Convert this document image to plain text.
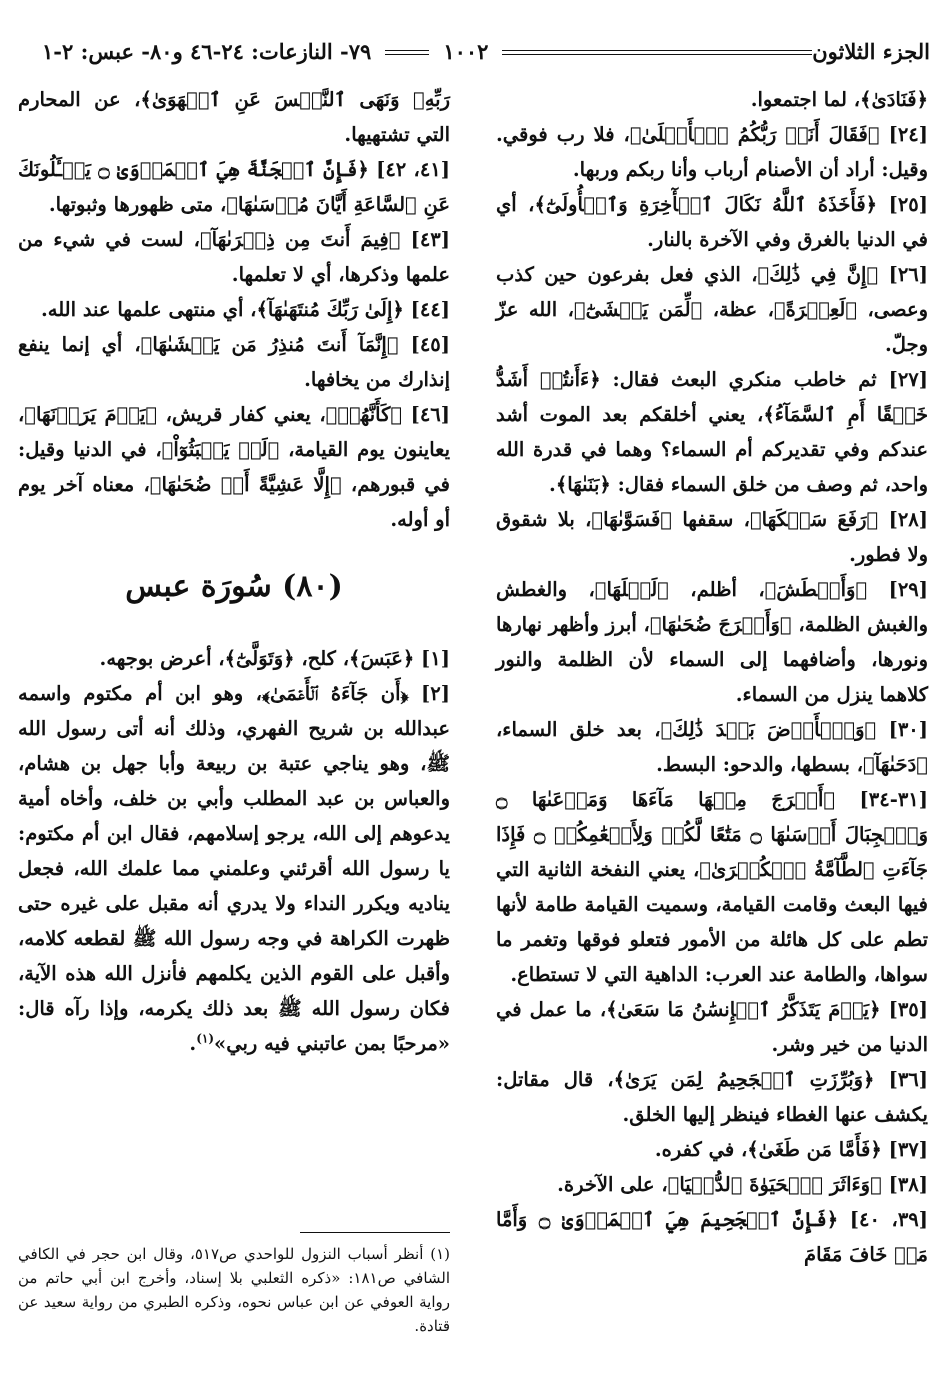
الجزء الثلاثون
١٠٠٢
٧٩- النازعات: ٢٤-٤٦ و٨٠- عبس: ٢-١

﴿فَنَادَىٰ﴾، لما اجتمعوا.

[٢٤] ﴿فَقَالَ أَنَا۠ رَبُّكُمُ ٱلۡأَعۡلَىٰ﴾، فلا رب فوقي. وقيل: أراد أن الأصنام أرباب وأنا ربكم وربها.

[٢٥] ﴿فَأَخَذَهُ ٱللَّهُ نَكَالَ ٱلۡأٓخِرَةِ وَٱلۡأُولَىٰٓ﴾، أي في الدنيا بالغرق وفي الآخرة بالنار.

[٢٦] ﴿إِنَّ فِي ذَٰلِكَ﴾، الذي فعل بفرعون حين كذب وعصى، ﴿لَعِبۡرَةً﴾، عظة، ﴿لِّمَن يَخۡشَىٰٓ﴾، الله عزّ وجلّ.

[٢٧] ثم خاطب منكري البعث فقال: ﴿ءَأَنتُمۡ أَشَدُّ خَلۡقًا أَمِ ٱلسَّمَآءُ﴾، يعني أخلقكم بعد الموت أشد عندكم وفي تقديركم أم السماء؟ وهما في قدرة الله واحد، ثم وصف من خلق السماء فقال: ﴿بَنَىٰهَا﴾.

[٢٨] ﴿رَفَعَ سَمۡكَهَا﴾، سقفها ﴿فَسَوَّىٰهَا﴾، بلا شقوق ولا فطور.

[٢٩] ﴿وَأَغۡطَشَ﴾، أظلم، ﴿لَيۡلَهَا﴾، والغطش والغبش الظلمة، ﴿وَأَخۡرَجَ ضُحَىٰهَا﴾، أبرز وأظهر نهارها ونورها، وأضافهما إلى السماء لأن الظلمة والنور كلاهما ينزل من السماء.

[٣٠] ﴿وَٱلۡأَرۡضَ بَعۡدَ ذَٰلِكَ﴾، بعد خلق السماء، ﴿دَحَىٰهَآ﴾، بسطها، والدحو: البسط.

[٣١-٣٤] ﴿أَخۡرَجَ مِنۡهَا مَآءَهَا وَمَرۡعَىٰهَا ۝ وَٱلۡجِبَالَ أَرۡسَىٰهَا ۝ مَتَٰعًا لَّكُمۡ وَلِأَنۡعَٰمِكُمۡ ۝ فَإِذَا جَآءَتِ ٱلطَّآمَّةُ ٱلۡكُبۡرَىٰ﴾، يعني النفخة الثانية التي فيها البعث وقامت القيامة، وسميت القيامة طامة لأنها تطم على كل هائلة من الأمور فتعلو فوقها وتغمر ما سواها، والطامة عند العرب: الداهية التي لا تستطاع.

[٣٥] ﴿يَوۡمَ يَتَذَكَّرُ ٱلۡإِنسَٰنُ مَا سَعَىٰ﴾، ما عمل في الدنيا من خير وشر.

[٣٦] ﴿وَبُرِّزَتِ ٱلۡجَحِيمُ لِمَن يَرَىٰ﴾، قال مقاتل: يكشف عنها الغطاء فينظر إليها الخلق.

[٣٧] ﴿فَأَمَّا مَن طَغَىٰ﴾، في كفره.

[٣٨] ﴿وَءَاثَرَ ٱلۡحَيَوٰةَ ٱلدُّنۡيَا﴾، على الآخرة.

[٣٩، ٤٠] ﴿فَإِنَّ ٱلۡجَحِيمَ هِيَ ٱلۡمَأۡوَىٰ ۝ وَأَمَّا مَنۡ خَافَ مَقَامَ

رَبِّهِۦ وَنَهَى ٱلنَّفۡسَ عَنِ ٱلۡهَوَىٰ﴾، عن المحارم التي تشتهيها.

[٤١، ٤٢] ﴿فَإِنَّ ٱلۡجَنَّةَ هِيَ ٱلۡمَأۡوَىٰ ۝ يَسۡـَٔلُونَكَ عَنِ ٱلسَّاعَةِ أَيَّانَ مُرۡسَىٰهَا﴾، متى ظهورها وثبوتها.

[٤٣] ﴿فِيمَ أَنتَ مِن ذِكۡرَىٰهَآ﴾، لست في شيء من علمها وذكرها، أي لا تعلمها.

[٤٤] ﴿إِلَىٰ رَبِّكَ مُنتَهَىٰهَآ﴾، أي منتهى علمها عند الله.

[٤٥] ﴿إِنَّمَآ أَنتَ مُنذِرُ مَن يَخۡشَىٰهَا﴾، أي إنما ينفع إنذارك من يخافها.

[٤٦] ﴿كَأَنَّهُمۡ﴾، يعني كفار قريش، ﴿يَوۡمَ يَرَوۡنَهَا﴾، يعاينون يوم القيامة، ﴿لَمۡ يَلۡبَثُوٓاْ﴾، في الدنيا وقيل: في قبورهم، ﴿إِلَّا عَشِيَّةً أَوۡ ضُحَىٰهَا﴾، معناه آخر يوم أو أوله.

(٨٠) سُورَة عبس

[١] ﴿عَبَسَ﴾، كلح، ﴿وَتَوَلَّىٰٓ﴾، أعرض بوجهه.

[٢] ﴿أَن جَآءَهُ ٱلۡأَعۡمَىٰ﴾، وهو ابن أم مكتوم واسمه عبدالله بن شريح الفهري، وذلك أنه أتى رسول الله ﷺ، وهو يناجي عتبة بن ربيعة وأبا جهل بن هشام، والعباس بن عبد المطلب وأبي بن خلف، وأخاه أمية يدعوهم إلى الله، يرجو إسلامهم، فقال ابن أم مكتوم: يا رسول الله أقرئني وعلمني مما علمك الله، فجعل يناديه ويكرر النداء ولا يدري أنه مقبل على غيره حتى ظهرت الكراهة في وجه رسول الله ﷺ لقطعه كلامه، وأقبل على القوم الذين يكلمهم فأنزل الله هذه الآية، فكان رسول الله ﷺ بعد ذلك يكرمه، وإذا رآه قال: «مرحبًا بمن عاتبني فيه ربي»$^{(١)}$.

(١) أنظر أسباب النزول للواحدي ص٥١٧، وقال ابن حجر في الكافي الشافي ص١٨١: «ذكره الثعلبي بلا إسناد، وأخرج ابن أبي حاتم من رواية العوفي عن ابن عباس نحوه، وذكره الطبري من رواية سعيد عن قتادة.
